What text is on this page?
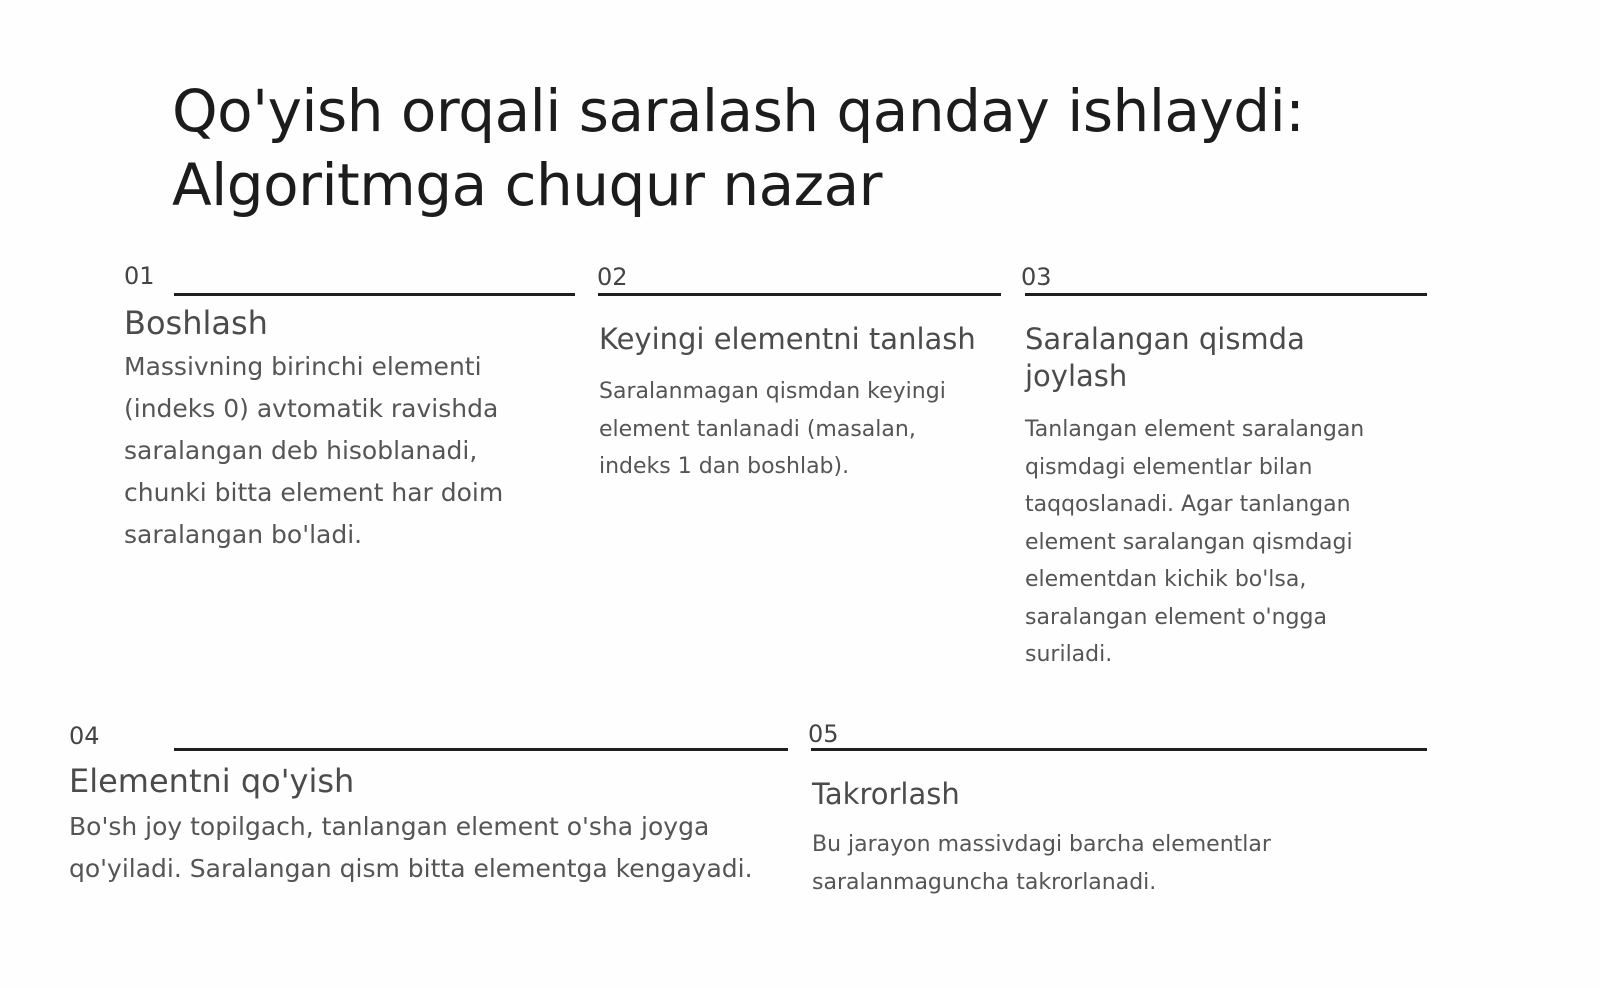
Qo'yish orqali saralash qanday ishlaydi:
Algoritmga chuqur nazar
01
Boshlash

Massivning birinchi elementi (indeks 0) avtomatik ravishda saralangan deb hisoblanadi, chunki bitta element har doim saralangan bo'ladi.

02
Keyingi elementni tanlash

Saralanmagan qismdan keyingi element tanlanadi (masalan, indeks 1 dan boshlab).

03
Saralangan qismda joylash

Tanlangan element saralangan qismdagi elementlar bilan taqqoslanadi. Agar tanlangan element saralangan qismdagi elementdan kichik bo'lsa, saralangan element o'ngga suriladi.

04
Elementni qo'yish

Bo'sh joy topilgach, tanlangan element o'sha joyga qo'yiladi. Saralangan qism bitta elementga kengayadi.

05
Takrorlash

Bu jarayon massivdagi barcha elementlar saralanmaguncha takrorlanadi.
